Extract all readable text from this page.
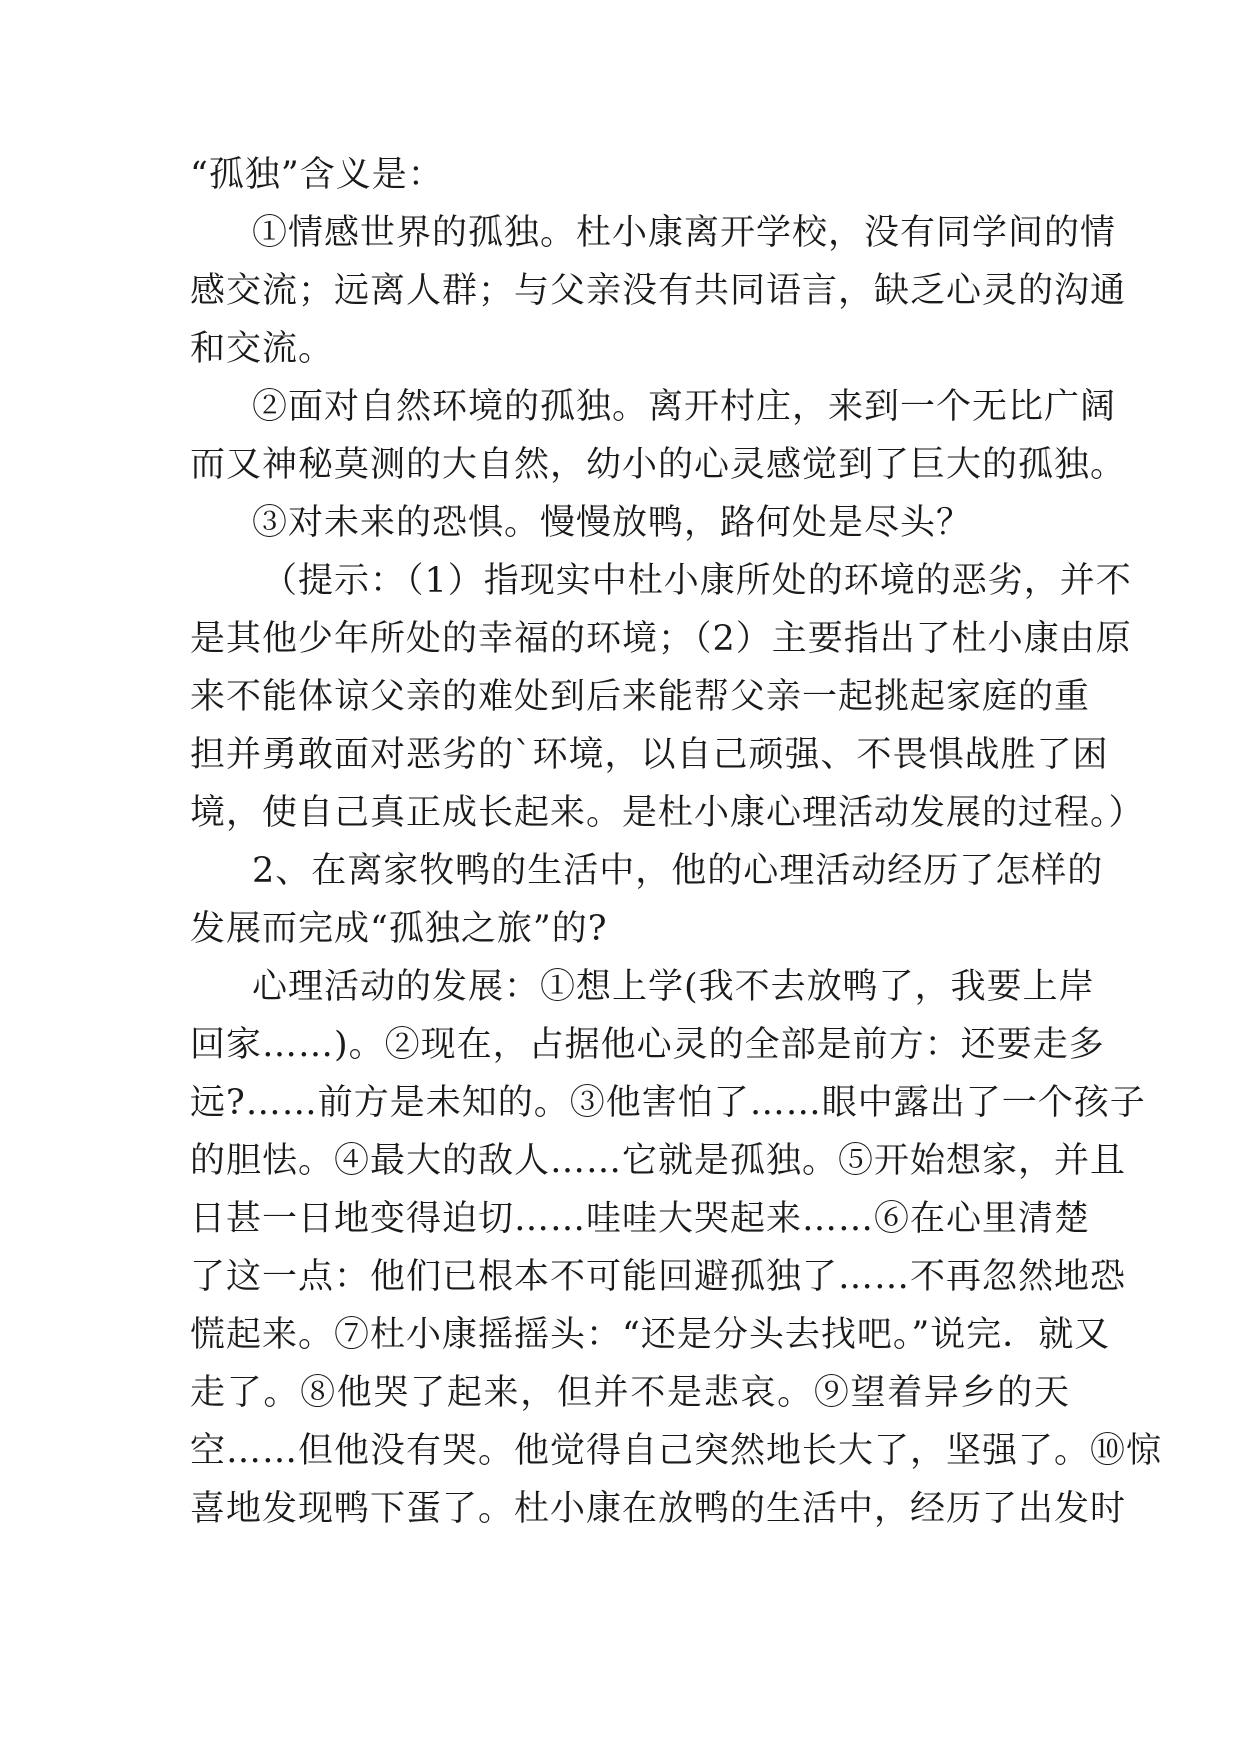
“孤独”含义是：
①情感世界的孤独。杜小康离开学校，没有同学间的情
感交流；远离人群；与父亲没有共同语言，缺乏心灵的沟通
和交流。
②面对自然环境的孤独。离开村庄，来到一个无比广阔
而又神秘莫测的大自然，幼小的心灵感觉到了巨大的孤独。
③对未来的恐惧。慢慢放鸭，路何处是尽头？
（提示：（1）指现实中杜小康所处的环境的恶劣，并不
是其他少年所处的幸福的环境；（2）主要指出了杜小康由原
来不能体谅父亲的难处到后来能帮父亲一起挑起家庭的重
担并勇敢面对恶劣的`环境，以自己顽强、不畏惧战胜了困
境，使自己真正成长起来。是杜小康心理活动发展的过程。）
2、在离家牧鸭的生活中，他的心理活动经历了怎样的
发展而完成“孤独之旅”的?
心理活动的发展：①想上学(我不去放鸭了，我要上岸
回家……)。②现在，占据他心灵的全部是前方：还要走多
远?……前方是未知的。③他害怕了……眼中露出了一个孩子
的胆怯。④最大的敌人……它就是孤独。⑤开始想家，并且
日甚一日地变得迫切……哇哇大哭起来……⑥在心里清楚
了这一点：他们已根本不可能回避孤独了……不再忽然地恐
慌起来。⑦杜小康摇摇头：“还是分头去找吧。”说完．就又
走了。⑧他哭了起来，但并不是悲哀。⑨望着异乡的天
空……但他没有哭。他觉得自己突然地长大了，坚强了。⑩惊
喜地发现鸭下蛋了。杜小康在放鸭的生活中，经历了出发时
